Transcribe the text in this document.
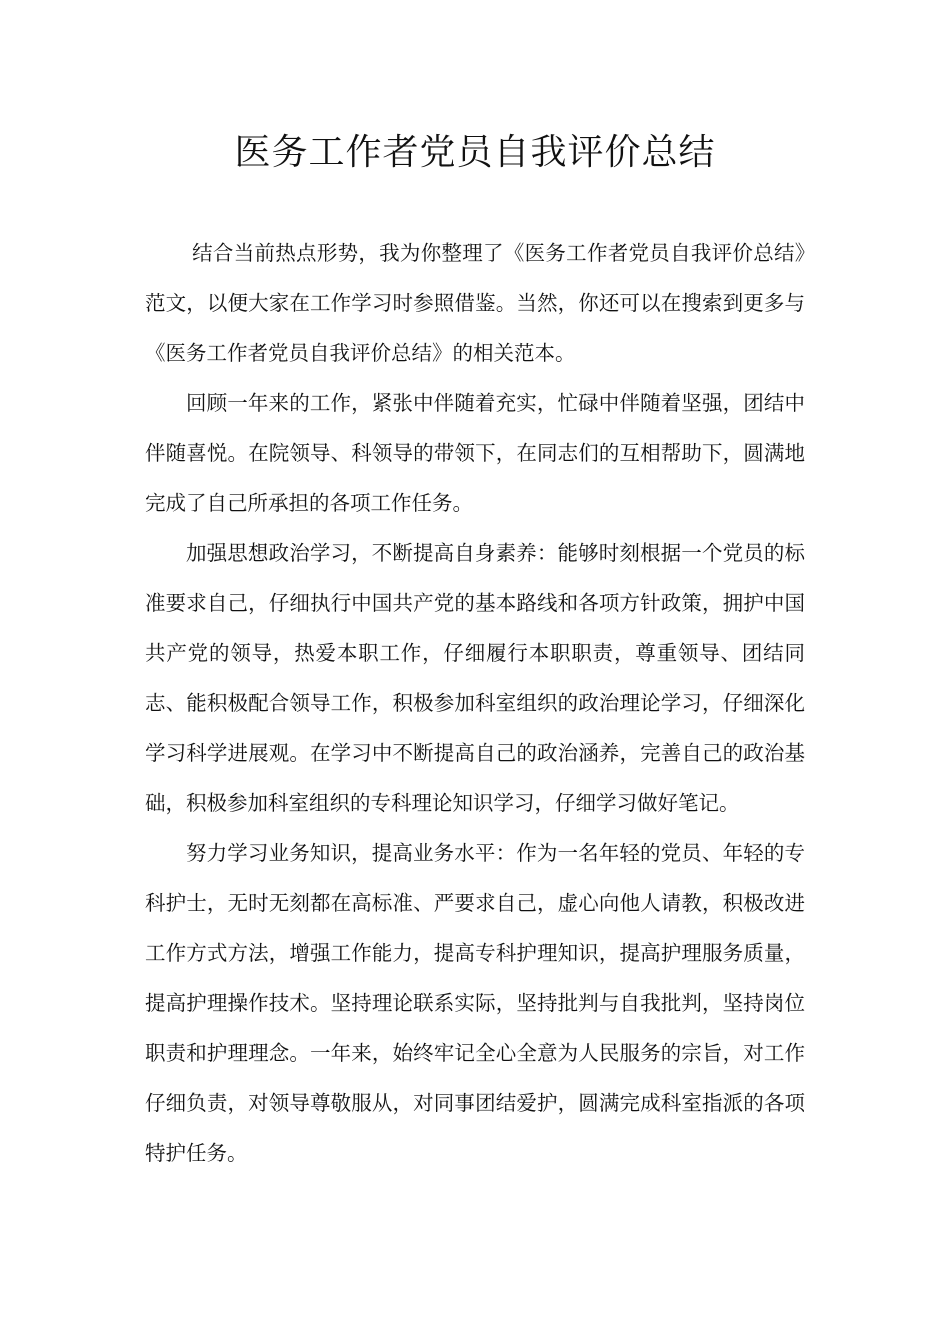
医务工作者党员自我评价总结

结合当前热点形势，我为你整理了《医务工作者党员自我评价总结》范文，以便大家在工作学习时参照借鉴。当然，你还可以在搜索到更多与《医务工作者党员自我评价总结》的相关范本。

回顾一年来的工作，紧张中伴随着充实，忙碌中伴随着坚强，团结中伴随喜悦。在院领导、科领导的带领下，在同志们的互相帮助下，圆满地完成了自己所承担的各项工作任务。

加强思想政治学习，不断提高自身素养：能够时刻根据一个党员的标准要求自己，仔细执行中国共产党的基本路线和各项方针政策，拥护中国共产党的领导，热爱本职工作，仔细履行本职职责，尊重领导、团结同志、能积极配合领导工作，积极参加科室组织的政治理论学习，仔细深化学习科学进展观。在学习中不断提高自己的政治涵养，完善自己的政治基础，积极参加科室组织的专科理论知识学习，仔细学习做好笔记。

努力学习业务知识，提高业务水平：作为一名年轻的党员、年轻的专科护士，无时无刻都在高标准、严要求自己，虚心向他人请教，积极改进工作方式方法，增强工作能力，提高专科护理知识，提高护理服务质量，提高护理操作技术。坚持理论联系实际，坚持批判与自我批判，坚持岗位职责和护理理念。一年来，始终牢记全心全意为人民服务的宗旨，对工作仔细负责，对领导尊敬服从，对同事团结爱护，圆满完成科室指派的各项特护任务。
